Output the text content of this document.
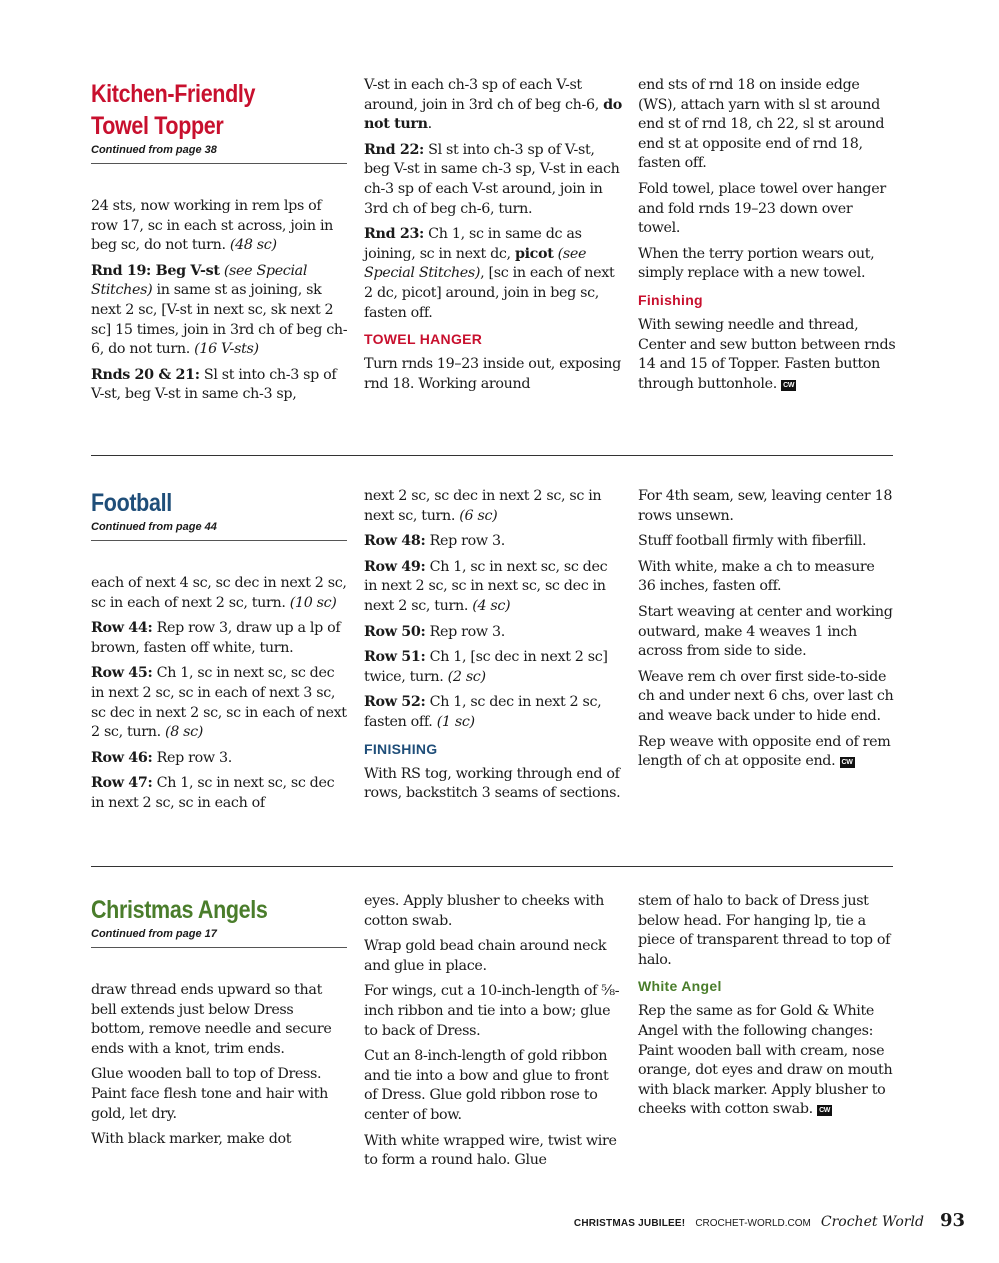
Kitchen-Friendly
Towel Topper
Continued from page 38

24 sts, now working in rem lps of row 17, sc in each st across, join in beg sc, do not turn. (48 sc)

Rnd 19: Beg V-st (see Special Stitches) in same st as joining, sk next 2 sc, [V-st in next sc, sk next 2 sc] 15 times, join in 3rd ch of beg ch-6, do not turn. (16 V-sts)

Rnds 20 & 21: Sl st into ch-3 sp of V-st, beg V-st in same ch-3 sp,

V-st in each ch-3 sp of each V-st around, join in 3rd ch of beg ch-6, do not turn.

Rnd 22: Sl st into ch-3 sp of V-st, beg V-st in same ch-3 sp, V-st in each ch-3 sp of each V-st around, join in 3rd ch of beg ch-6, turn.

Rnd 23: Ch 1, sc in same dc as joining, sc in next dc, picot (see Special Stitches), [sc in each of next 2 dc, picot] around, join in beg sc, fasten off.

TOWEL HANGER

Turn rnds 19–23 inside out, exposing rnd 18. Working around

end sts of rnd 18 on inside edge (WS), attach yarn with sl st around end st of rnd 18, ch 22, sl st around end st at opposite end of rnd 18, fasten off.

Fold towel, place towel over hanger and fold rnds 19–23 down over towel.

When the terry portion wears out, simply replace with a new towel.

Finishing

With sewing needle and thread, Center and sew button between rnds 14 and 15 of Topper. Fasten button through buttonhole. CW

Football
Continued from page 44

each of next 4 sc, sc dec in next 2 sc, sc in each of next 2 sc, turn. (10 sc)

Row 44: Rep row 3, draw up a lp of brown, fasten off white, turn.

Row 45: Ch 1, sc in next sc, sc dec in next 2 sc, sc in each of next 3 sc, sc dec in next 2 sc, sc in each of next 2 sc, turn. (8 sc)

Row 46: Rep row 3.

Row 47: Ch 1, sc in next sc, sc dec in next 2 sc, sc in each of

next 2 sc, sc dec in next 2 sc, sc in next sc, turn. (6 sc)

Row 48: Rep row 3.

Row 49: Ch 1, sc in next sc, sc dec in next 2 sc, sc in next sc, sc dec in next 2 sc, turn. (4 sc)

Row 50: Rep row 3.

Row 51: Ch 1, [sc dec in next 2 sc] twice, turn. (2 sc)

Row 52: Ch 1, sc dec in next 2 sc, fasten off. (1 sc)

FINISHING

With RS tog, working through end of rows, backstitch 3 seams of sections.

For 4th seam, sew, leaving center 18 rows unsewn.

Stuff football firmly with fiberfill.

With white, make a ch to measure 36 inches, fasten off.

Start weaving at center and working outward, make 4 weaves 1 inch across from side to side.

Weave rem ch over first side-to-side ch and under next 6 chs, over last ch and weave back under to hide end.

Rep weave with opposite end of rem length of ch at opposite end. CW

Christmas Angels
Continued from page 17

draw thread ends upward so that bell extends just below Dress bottom, remove needle and secure ends with a knot, trim ends.

Glue wooden ball to top of Dress. Paint face flesh tone and hair with gold, let dry.

With black marker, make dot

eyes. Apply blusher to cheeks with cotton swab.

Wrap gold bead chain around neck and glue in place.

For wings, cut a 10-inch-length of ⅝-inch ribbon and tie into a bow; glue to back of Dress.

Cut an 8-inch-length of gold ribbon and tie into a bow and glue to front of Dress. Glue gold ribbon rose to center of bow.

With white wrapped wire, twist wire to form a round halo. Glue

stem of halo to back of Dress just below head. For hanging lp, tie a piece of transparent thread to top of halo.

White Angel

Rep the same as for Gold & White Angel with the following changes: Paint wooden ball with cream, nose orange, dot eyes and draw on mouth with black marker. Apply blusher to cheeks with cotton swab. CW

CHRISTMAS JUBILEE! CROCHET-WORLD.COM Crochet World 93
